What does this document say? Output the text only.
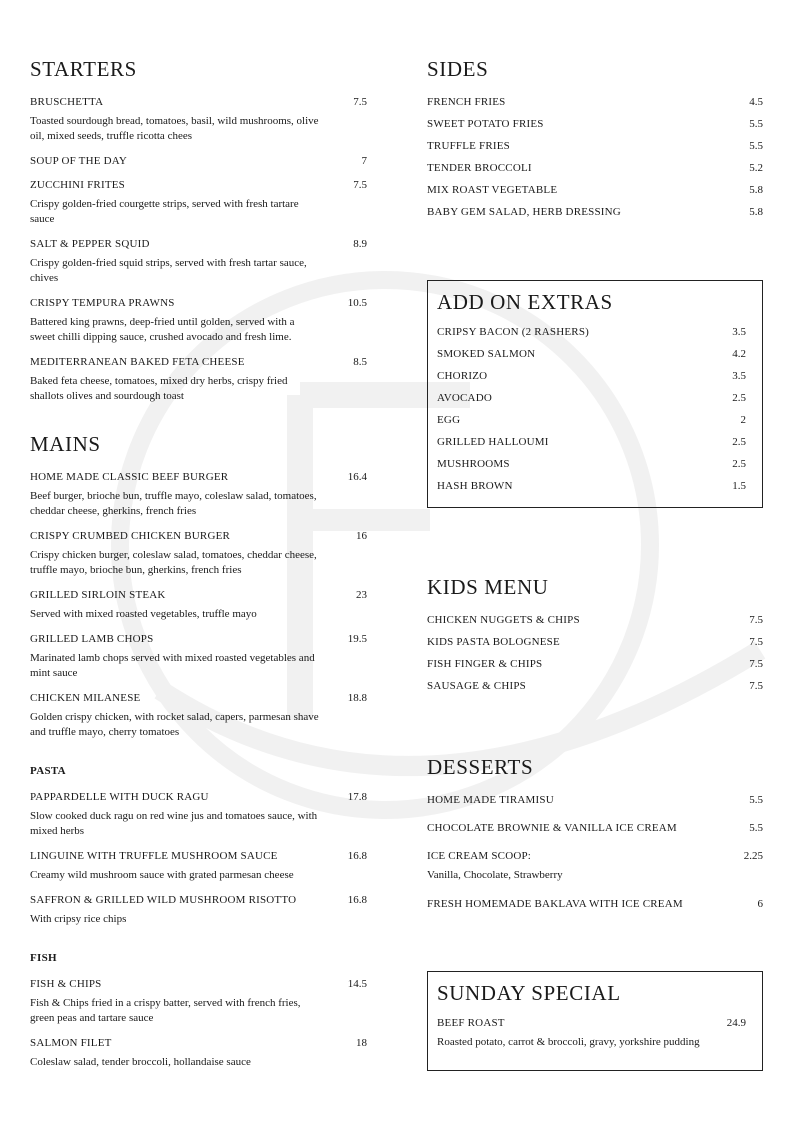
STARTERS
BRUSCHETTA	7.5
Toasted sourdough bread, tomatoes, basil, wild mushrooms, olive oil, mixed seeds, truffle ricotta chees
SOUP OF THE DAY	7
ZUCCHINI FRITES	7.5
Crispy golden-fried courgette strips, served with fresh tartare sauce
SALT & PEPPER SQUID	8.9
Crispy golden-fried squid strips, served with fresh tartar sauce, chives
CRISPY TEMPURA PRAWNS	10.5
Battered king prawns, deep-fried until golden, served with a sweet chilli dipping sauce, crushed avocado and fresh lime.
MEDITERRANEAN BAKED FETA CHEESE	8.5
Baked feta cheese, tomatoes, mixed dry herbs, crispy fried shallots olives and sourdough toast
MAINS
HOME MADE CLASSIC BEEF BURGER	16.4
Beef burger, brioche bun, truffle mayo, coleslaw salad, tomatoes, cheddar cheese, gherkins, french fries
CRISPY CRUMBED CHICKEN BURGER	16
Crispy chicken burger, coleslaw salad, tomatoes, cheddar cheese, truffle mayo, brioche bun, gherkins, french fries
GRILLED SIRLOIN STEAK	23
Served with mixed roasted vegetables, truffle mayo
GRILLED LAMB CHOPS	19.5
Marinated lamb chops served with mixed roasted vegetables and mint sauce
CHICKEN MILANESE	18.8
Golden crispy chicken, with rocket salad, capers, parmesan shave and truffle mayo, cherry tomatoes
PASTA
PAPPARDELLE WITH DUCK RAGU	17.8
Slow cooked duck ragu on red wine jus and tomatoes sauce, with mixed herbs
LINGUINE WITH TRUFFLE MUSHROOM SAUCE	16.8
Creamy wild mushroom sauce with grated parmesan cheese
SAFFRON & GRILLED WILD MUSHROOM RISOTTO	16.8
With cripsy rice chips
FISH
FISH & CHIPS	14.5
Fish & Chips fried in a crispy batter, served with french fries, green peas and tartare sauce
SALMON FILET	18
Coleslaw salad, tender broccoli, hollandaise sauce
SIDES
FRENCH FRIES	4.5
SWEET POTATO FRIES	5.5
TRUFFLE FRIES	5.5
TENDER BROCCOLI	5.2
MIX ROAST VEGETABLE	5.8
BABY GEM SALAD, HERB DRESSING	5.8
ADD ON EXTRAS
CRIPSY BACON (2 RASHERS)	3.5
SMOKED SALMON	4.2
CHORIZO	3.5
AVOCADO	2.5
EGG	2
GRILLED HALLOUMI	2.5
MUSHROOMS	2.5
HASH BROWN	1.5
KIDS MENU
CHICKEN NUGGETS & CHIPS	7.5
KIDS PASTA BOLOGNESE	7.5
FISH FINGER & CHIPS	7.5
SAUSAGE & CHIPS	7.5
DESSERTS
HOME MADE TIRAMISU	5.5
CHOCOLATE BROWNIE & VANILLA ICE CREAM	5.5
ICE CREAM SCOOP:	2.25
Vanilla, Chocolate, Strawberry
FRESH HOMEMADE BAKLAVA WITH ICE CREAM	6
SUNDAY SPECIAL
BEEF ROAST	24.9
Roasted potato, carrot & broccoli, gravy, yorkshire pudding
